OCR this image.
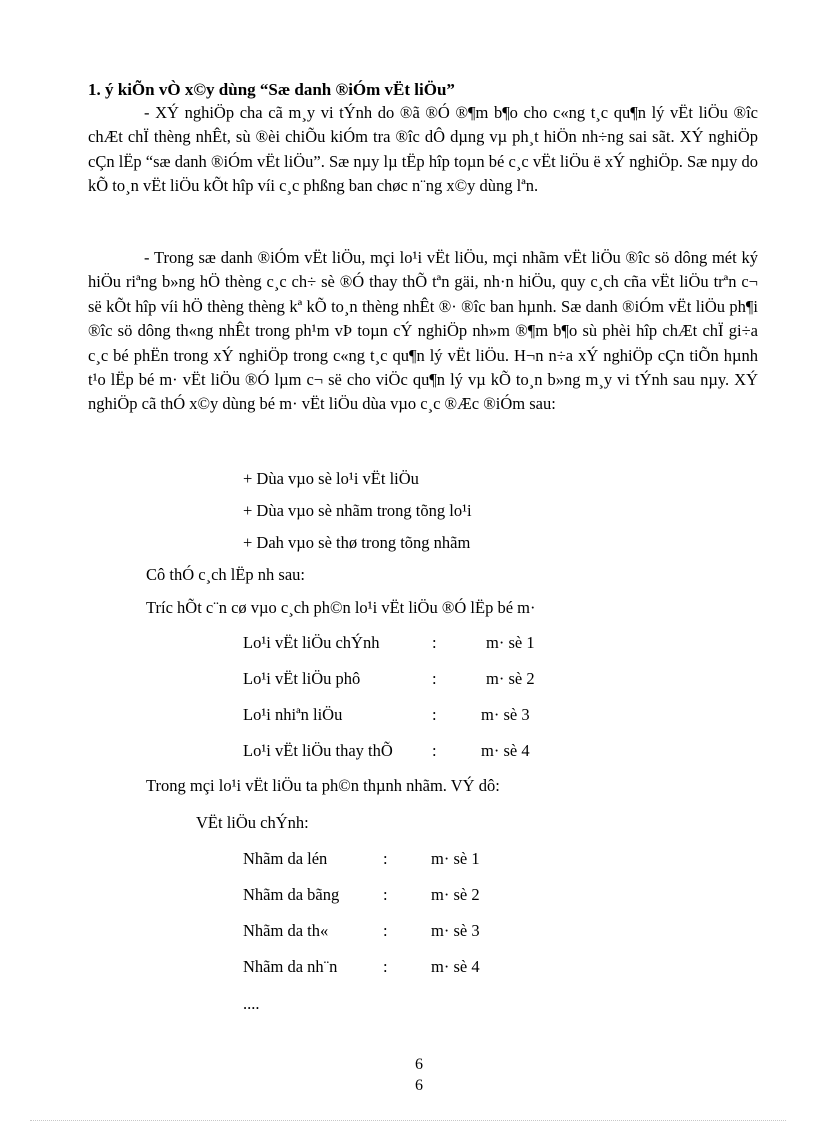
1. ý kiÕn vÒ x©y dùng “Sæ danh ®iÓm vËt liÖu”

- XÝ nghiÖp cha cã m¸y vi tÝnh do ®ã ®Ó ®¶m b¶o cho c«ng t¸c qu¶n lý vËt liÖu ®îc chÆt chÏ thèng nhÊt, sù ®èi chiÕu kiÓm tra ®îc dÔ dµng vµ ph¸t hiÖn nh÷ng sai sãt. XÝ nghiÖp cÇn lËp “sæ danh ®iÓm vËt liÖu”. Sæ nµy lµ tËp hîp toµn bé c¸c vËt liÖu ë xÝ nghiÖp. Sæ nµy do kÕ to¸n vËt liÖu kÕt hîp víi c¸c phßng ban chøc n¨ng x©y dùng lªn.

- Trong sæ danh ®iÓm vËt liÖu, mçi lo¹i vËt liÖu, mçi nhãm vËt liÖu ®îc sö dông mét ký hiÖu riªng b»ng hÖ thèng c¸c ch÷ sè ®Ó thay thÕ tªn gäi, nh·n hiÖu, quy c¸ch cña vËt liÖu trªn c¬ së kÕt hîp víi hÖ thèng thèng kª kÕ to¸n thèng nhÊt ®· ®îc ban hµnh. Sæ danh ®iÓm vËt liÖu ph¶i ®îc sö dông th«ng nhÊt trong ph¹m vÞ toµn cÝ nghiÖp nh»m ®¶m b¶o sù phèi hîp chÆt chÏ gi÷a c¸c bé phËn trong xÝ nghiÖp trong c«ng t¸c qu¶n lý vËt liÖu. H¬n n÷a xÝ nghiÖp cÇn tiÕn hµnh t¹o lËp bé m· vËt liÖu ®Ó lµm c¬ së cho viÖc qu¶n lý vµ kÕ to¸n b»ng m¸y vi tÝnh sau nµy. XÝ nghiÖp cã thÓ x©y dùng bé m· vËt liÖu dùa vµo c¸c ®Æc ®iÓm sau:

+ Dùa vµo sè lo¹i vËt liÖu
+ Dùa vµo sè nhãm trong tõng lo¹i
+ Dah vµo sè thø trong tõng nhãm
Cô thÓ c¸ch lËp nh sau:
Tríc hÕt c¨n cø vµo c¸ch ph©n lo¹i vËt liÖu ®Ó lËp bé m·
Lo¹i vËt liÖu chÝnh	:	m· sè 1
Lo¹i vËt liÖu phô	:	m· sè 2
Lo¹i nhiªn liÖu	:	m· sè 3
Lo¹i vËt liÖu thay thÕ :	m· sè 4
Trong mçi lo¹i vËt liÖu ta ph©n thµnh nhãm. VÝ dô:
VËt liÖu chÝnh:
Nhãm da lén	:	m· sè 1
Nhãm da bãng	:	m· sè 2
Nhãm da th«	:	m· sè 3
Nhãm da nh¨n	:	m· sè 4
....
6
6
